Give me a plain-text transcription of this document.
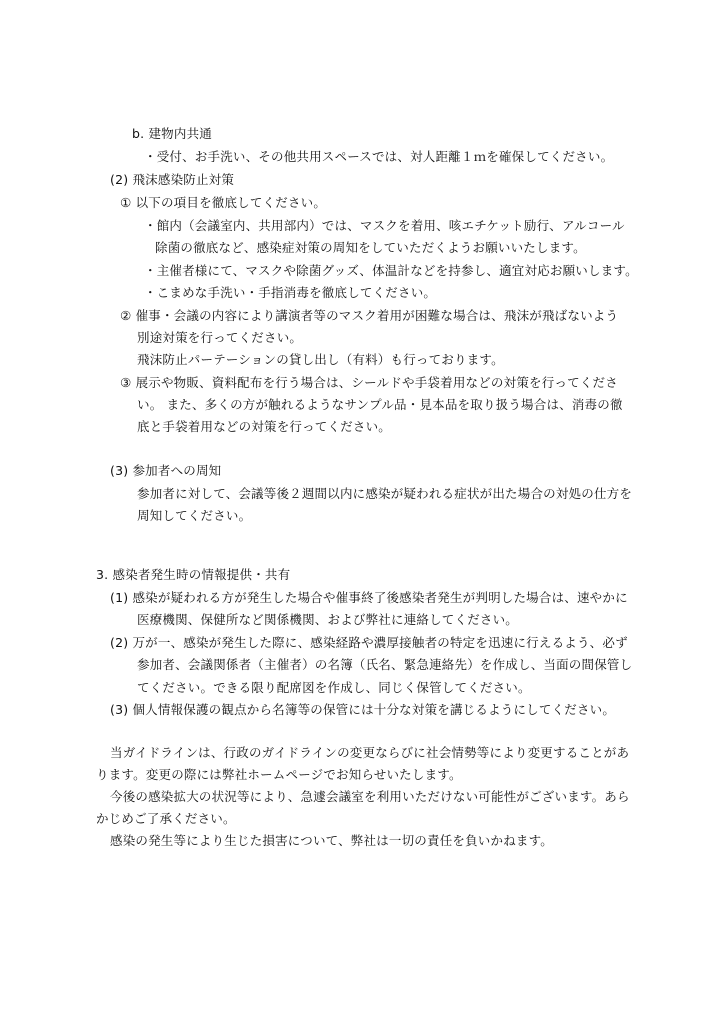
b. 建物内共通
・受付、お手洗い、その他共用スペースでは、対人距離１ｍを確保してください。
(2) 飛沫感染防止対策
① 以下の項目を徹底してください。
・館内（会議室内、共用部内）では、マスクを着用、咳エチケット励行、アルコール
除菌の徹底など、感染症対策の周知をしていただくようお願いいたします。
・主催者様にて、マスクや除菌グッズ、体温計などを持参し、適宜対応お願いします。
・こまめな手洗い・手指消毒を徹底してください。
② 催事・会議の内容により講演者等のマスク着用が困難な場合は、飛沫が飛ばないよう
別途対策を行ってください。
飛沫防止パーテーションの貸し出し（有料）も行っております。
③ 展示や物販、資料配布を行う場合は、シールドや手袋着用などの対策を行ってくださ
い。 また、多くの方が触れるようなサンプル品・見本品を取り扱う場合は、消毒の徹
底と手袋着用などの対策を行ってください。
(3) 参加者への周知
参加者に対して、会議等後２週間以内に感染が疑われる症状が出た場合の対処の仕方を
周知してください。
3. 感染者発生時の情報提供・共有
(1) 感染が疑われる方が発生した場合や催事終了後感染者発生が判明した場合は、速やかに
医療機関、保健所など関係機関、および弊社に連絡してください。
(2) 万が一、感染が発生した際に、感染経路や濃厚接触者の特定を迅速に行えるよう、必ず
参加者、会議関係者（主催者）の名簿（氏名、緊急連絡先）を作成し、当面の間保管し
てください。できる限り配席図を作成し、同じく保管してください。
(3) 個人情報保護の観点から名簿等の保管には十分な対策を講じるようにしてください。
当ガイドラインは、行政のガイドラインの変更ならびに社会情勢等により変更することがあ
ります。変更の際には弊社ホームページでお知らせいたします。
今後の感染拡大の状況等により、急遽会議室を利用いただけない可能性がございます。あら
かじめご了承ください。
感染の発生等により生じた損害について、弊社は一切の責任を負いかねます。
